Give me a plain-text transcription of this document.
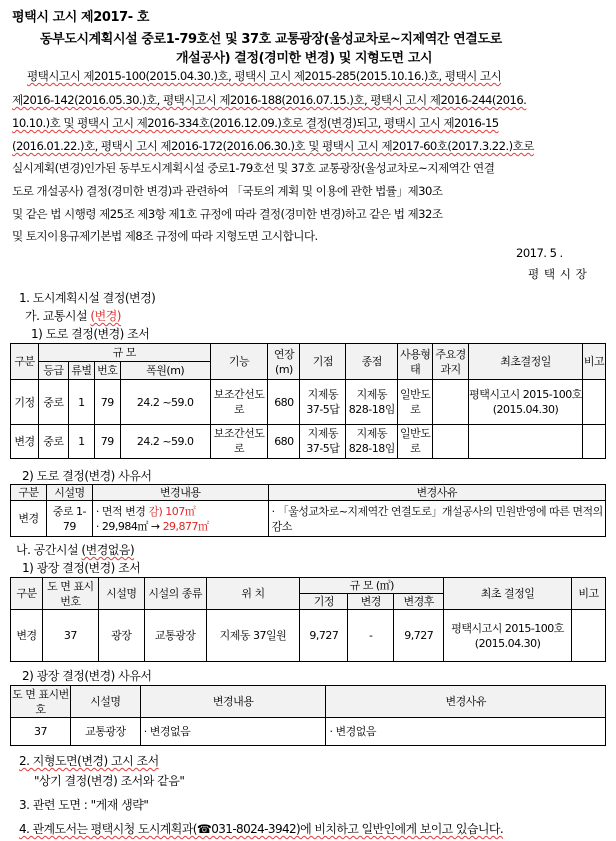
평택시 고시 제2017- 호
동부도시계획시설 중로1-79호선 및 37호 교통광장(울성교차로~지제역간 연결도로
개설공사) 결정(경미한 변경) 및 지형도면 고시
평택시고시 제2015-100(2015.04.30.)호, 평택시 고시 제2015-285(2015.10.16.)호, 평택시 고시
제2016-142(2016.05.30.)호, 평택시고시 제2016-188(2016.07.15.)호, 평택시 고시 제2016-244(2016.
10.10.)호 및 평택시 고시 제2016-334호(2016.12.09.)호로 결정(변경)되고, 평택시 고시 제2016-15
(2016.01.22.)호, 평택시 고시 제2016-172(2016.06.30.)호 및 평택시 고시 제2017-60호(2017.3.22.)호로
실시계획(변경)인가된 동부도시계획시설 중로1-79호선 및 37호 교통광장(울성교차로~지제역간 연결
도로 개설공사) 결정(경미한 변경)과 관련하여 「국토의 계획 및 이용에 관한 법률」제30조
및 같은 법 시행령 제25조 제3항 제1호 규정에 따라 결정(경미한 변경)하고 같은 법 제32조
및 토지이용규제기본법 제8조 규정에 따라 지형도면 고시합니다.
2017. 5 .
평 택 시 장
1. 도시계획시설 결정(변경)
가. 교통시설 (변경)
1) 도로 결정(변경) 조서
구분	규 모				기능	연장(m)	기점	종점	사용형태	주요경과지	최초결정일	비고
	등급	류별	번호	폭원(m)								
기정	중로	1	79	24.2 ~59.0	보조간선도로	680	지제동 37-5답	지제동 828-18임	일반도로		평택시고시 2015-100호 (2015.04.30)	
변경	중로	1	79	24.2 ~59.0	보조간선도로	680	지제동 37-5답	지제동 828-18임	일반도로			
2) 도로 결정(변경) 사유서
구분	시설명	변경내용	변경사유
변경	중로 1-79	· 면적 변경 감) 107㎡
· 29,984㎡ → 29,877㎡	· 「울성교차로~지제역간 연결도로」개설공사의 민원반영에 따른 면적의 감소
나. 공간시설 (변경없음)
1) 광장 결정(변경) 조서
구분	도 면 표시번호	시설명	시설의 종류	위 치	규 모 (㎡)			최초 결정일	비고
					기정	변경	변경후		
변경	37	광장	교통광장	지제동 37일원	9,727	-	9,727	평택시고시 2015-100호 (2015.04.30)	
2) 광장 결정(변경) 사유서
도 면 표시번호	시설명	변경내용	변경사유
37	교통광장	· 변경없음	· 변경없음
2. 지형도면(변경) 고시 조서
"상기 결정(변경) 조서와 같음"
3. 관련 도면 : "게재 생략"
4. 관계도서는 평택시청 도시계획과(☎031-8024-3942)에 비치하고 일반인에게 보이고 있습니다.
